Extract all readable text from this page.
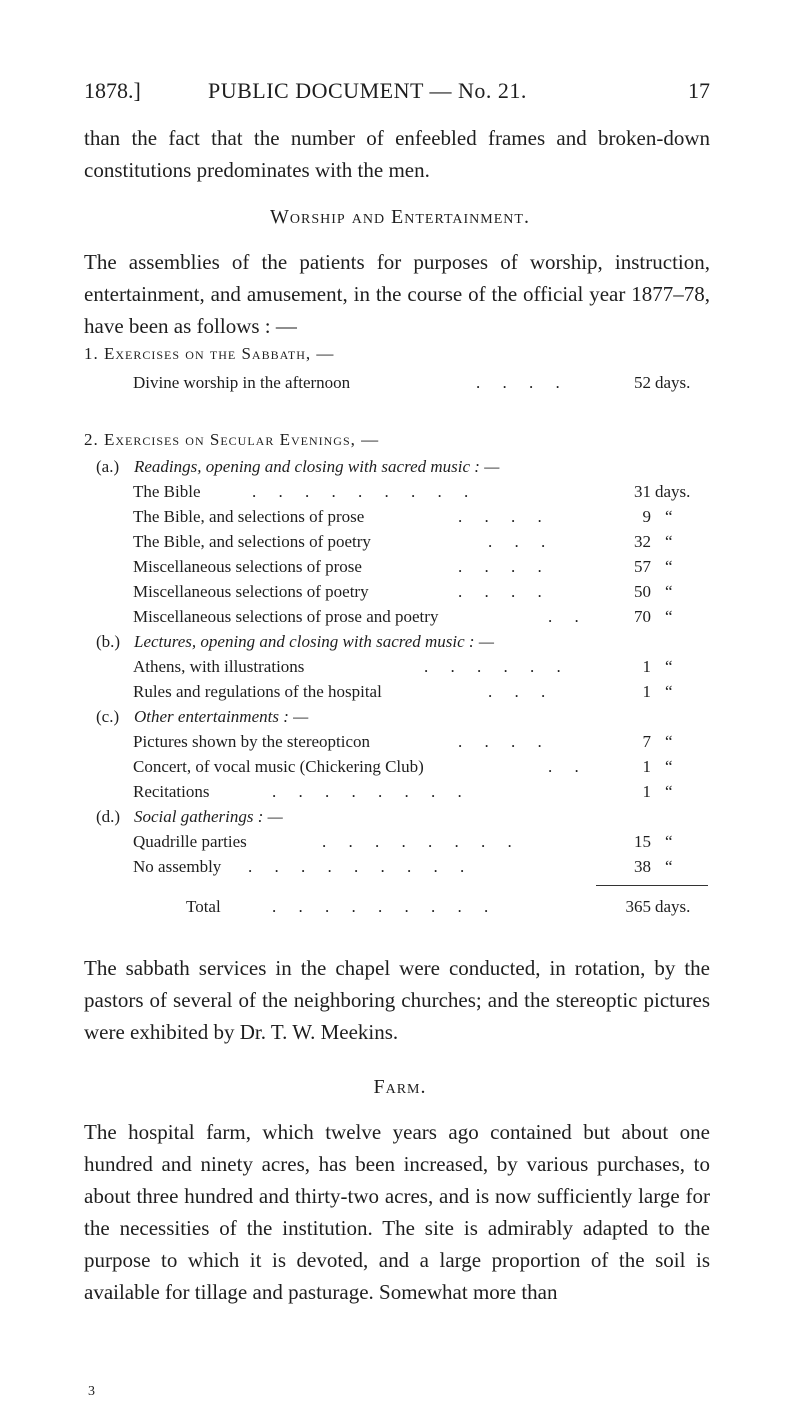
1878.]	PUBLIC DOCUMENT — No. 21.	17
than the fact that the number of enfeebled frames and broken-down constitutions predominates with the men.
Worship and Entertainment.
The assemblies of the patients for purposes of worship, instruction, entertainment, and amusement, in the course of the official year 1877–78, have been as follows : —
1. Exercises on the Sabbath, —
Divine worship in the afternoon	. . . .	52 days.
2. Exercises on Secular Evenings, —
(a.) Readings, opening and closing with sacred music : —
The Bible	. . . . . . . . .	31 days.
The Bible, and selections of prose	. . . .	9 “
The Bible, and selections of poetry	. . .	32 “
Miscellaneous selections of prose	. . . .	57 “
Miscellaneous selections of poetry	. . . .	50 “
Miscellaneous selections of prose and poetry	. .	70 “
(b.) Lectures, opening and closing with sacred music : —
Athens, with illustrations	. . . . . .	1 “
Rules and regulations of the hospital	. . .	1 “
(c.) Other entertainments : —
Pictures shown by the stereopticon	. . . .	7 “
Concert, of vocal music (Chickering Club)	. .	1 “
Recitations	. . . . . . . .	1 “
(d.) Social gatherings : —
Quadrille parties	. . . . . . . .	15 “
No assembly . . . . . . . . .	38 “
Total	. . . . . . . . .	365 days.
The sabbath services in the chapel were conducted, in rotation, by the pastors of several of the neighboring churches; and the stereoptic pictures were exhibited by Dr. T. W. Meekins.
Farm.
The hospital farm, which twelve years ago contained but about one hundred and ninety acres, has been increased, by various purchases, to about three hundred and thirty-two acres, and is now sufficiently large for the necessities of the institution. The site is admirably adapted to the purpose to which it is devoted, and a large proportion of the soil is available for tillage and pasturage. Somewhat more than
3
